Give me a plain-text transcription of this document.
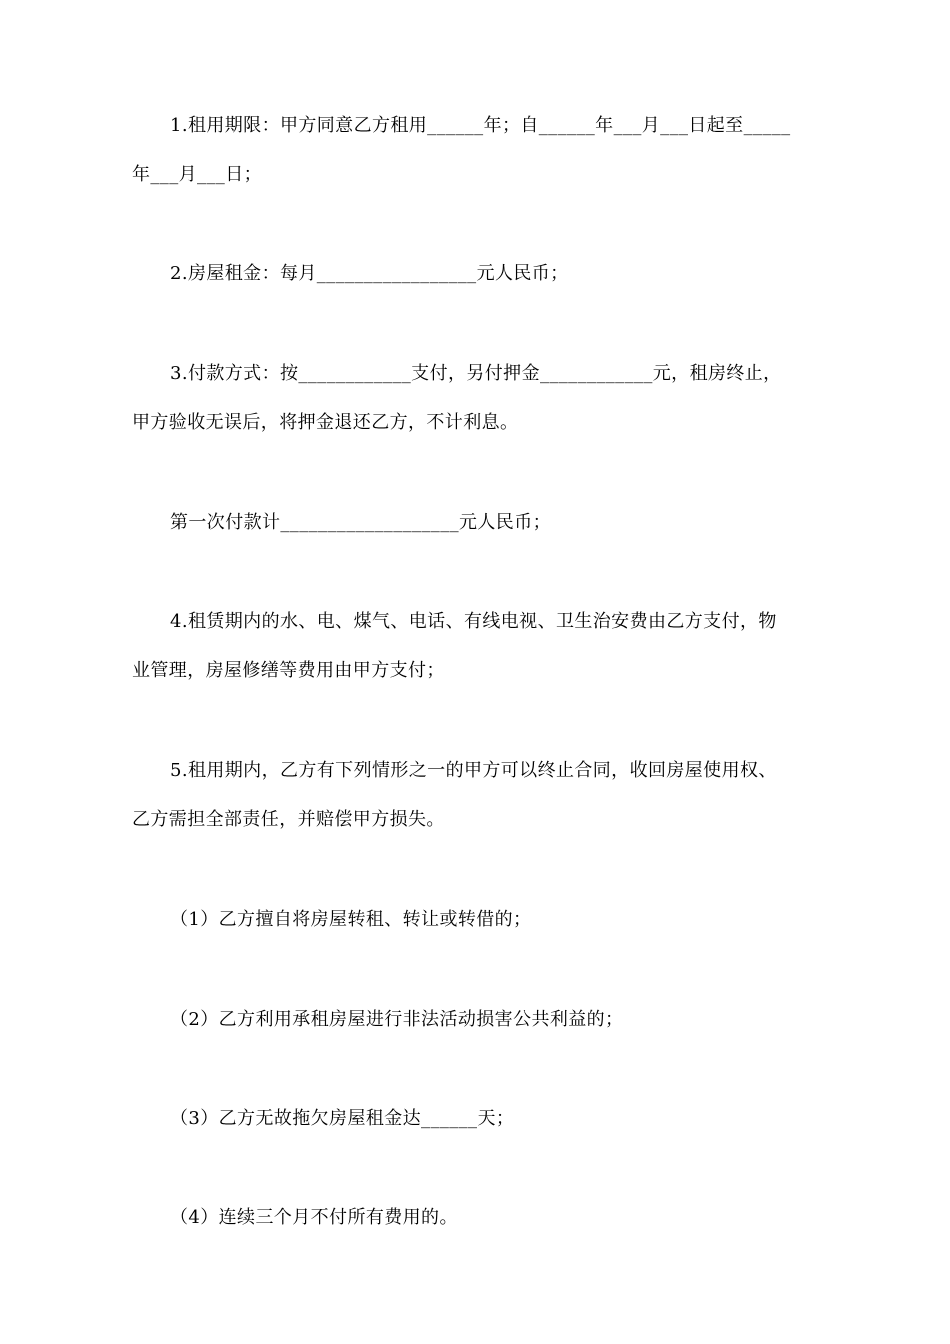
1.租用期限：甲方同意乙方租用______年；自______年___月___日起至_____
年___月___日；
2.房屋租金：每月_________________元人民币；
3.付款方式：按____________支付，另付押金____________元，租房终止，
甲方验收无误后，将押金退还乙方，不计利息。
第一次付款计___________________元人民币；
4.租赁期内的水、电、煤气、电话、有线电视、卫生治安费由乙方支付，物
业管理，房屋修缮等费用由甲方支付；
5.租用期内，乙方有下列情形之一的甲方可以终止合同，收回房屋使用权、
乙方需担全部责任，并赔偿甲方损失。
（1）乙方擅自将房屋转租、转让或转借的；
（2）乙方利用承租房屋进行非法活动损害公共利益的；
（3）乙方无故拖欠房屋租金达______天；
（4）连续三个月不付所有费用的。
